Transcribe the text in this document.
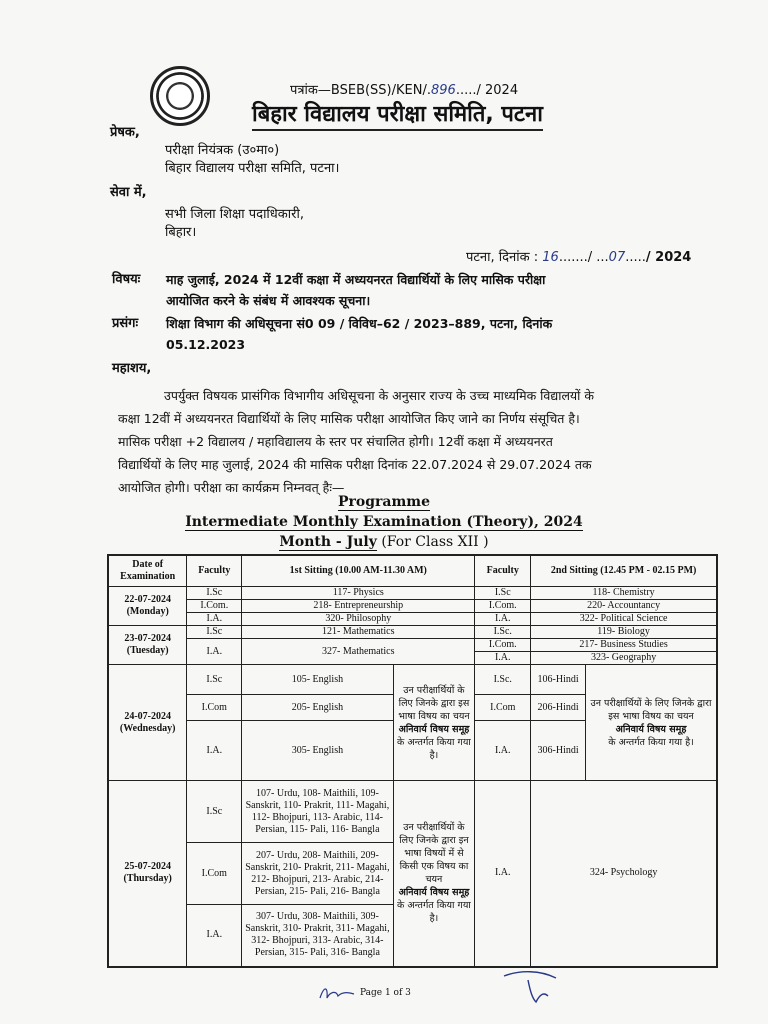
पत्रांक—BSEB(SS)/KEN/.896...../ 2024
बिहार विद्यालय परीक्षा समिति, पटना
प्रेषक,
परीक्षा नियंत्रक (उ०मा०)
बिहार विद्यालय परीक्षा समिति, पटना।
सेवा में,
सभी जिला शिक्षा पदाधिकारी,
बिहार।
पटना, दिनांक : 16......./ ...07...../ 2024
विषयः माह जुलाई, 2024 में 12वीं कक्षा में अध्ययनरत विद्यार्थियों के लिए मासिक परीक्षा
आयोजित करने के संबंध में आवश्यक सूचना।
प्रसंगः शिक्षा विभाग की अधिसूचना सं0 09 / विविध–62 / 2023–889, पटना, दिनांक
05.12.2023
महाशय,
उपर्युक्त विषयक प्रासंगिक विभागीय अधिसूचना के अनुसार राज्य के उच्च माध्यमिक विद्यालयों के
कक्षा 12वीं में अध्ययनरत विद्यार्थियों के लिए मासिक परीक्षा आयोजित किए जाने का निर्णय संसूचित है।
मासिक परीक्षा +2 विद्यालय / महाविद्यालय के स्तर पर संचालित होगी। 12वीं कक्षा में अध्ययनरत
विद्यार्थियों के लिए माह जुलाई, 2024 की मासिक परीक्षा दिनांक 22.07.2024 से 29.07.2024 तक
आयोजित होगी। परीक्षा का कार्यक्रम निम्नवत् हैः—
Programme
Intermediate Monthly Examination (Theory), 2024
Month - July (For Class XII )
Date of Examination	Faculty	1st Sitting (10.00 AM-11.30 AM)		Faculty	2nd Sitting (12.45 PM - 02.15 PM)	
22-07-2024
(Monday)	I.Sc	117- Physics		I.Sc	118- Chemistry	
	I.Com.	218- Entrepreneurship		I.Com.	220- Accountancy	
	I.A.	320- Philosophy		I.A.	322- Political Science	
23-07-2024
(Tuesday)	I.Sc	121- Mathematics		I.Sc.	119- Biology	
	I.A.	327- Mathematics		I.Com.	217- Business Studies	
				I.A.	323- Geography	
24-07-2024
(Wednesday)	I.Sc	105- English	उन परीक्षार्थियों के लिए जिनके द्वारा इस भाषा विषय का चयन
अनिवार्य विषय समूह
के अन्तर्गत किया गया है।	I.Sc.	106-Hindi	उन परीक्षार्थियों के लिए जिनके द्वारा इस भाषा विषय का चयन
अनिवार्य विषय समूह
के अन्तर्गत किया गया है।
	I.Com	205- English		I.Com	206-Hindi	
	I.A.	305- English		I.A.	306-Hindi	
25-07-2024
(Thursday)	I.Sc	107- Urdu, 108- Maithili, 109- Sanskrit, 110- Prakrit, 111- Magahi, 112- Bhojpuri, 113- Arabic, 114- Persian, 115- Pali, 116- Bangla	उन परीक्षार्थियों के लिए जिनके द्वारा इन भाषा विषयों में से किसी एक विषय का चयन
अनिवार्य विषय समूह
के अन्तर्गत किया गया है।	I.A.	324- Psychology	
	I.Com	207- Urdu, 208- Maithili, 209- Sanskrit, 210- Prakrit, 211- Magahi, 212- Bhojpuri, 213- Arabic, 214- Persian, 215- Pali, 216- Bangla				
	I.A.	307- Urdu, 308- Maithili, 309- Sanskrit, 310- Prakrit, 311- Magahi, 312- Bhojpuri, 313- Arabic, 314- Persian, 315- Pali, 316- Bangla				
Page 1 of 3
